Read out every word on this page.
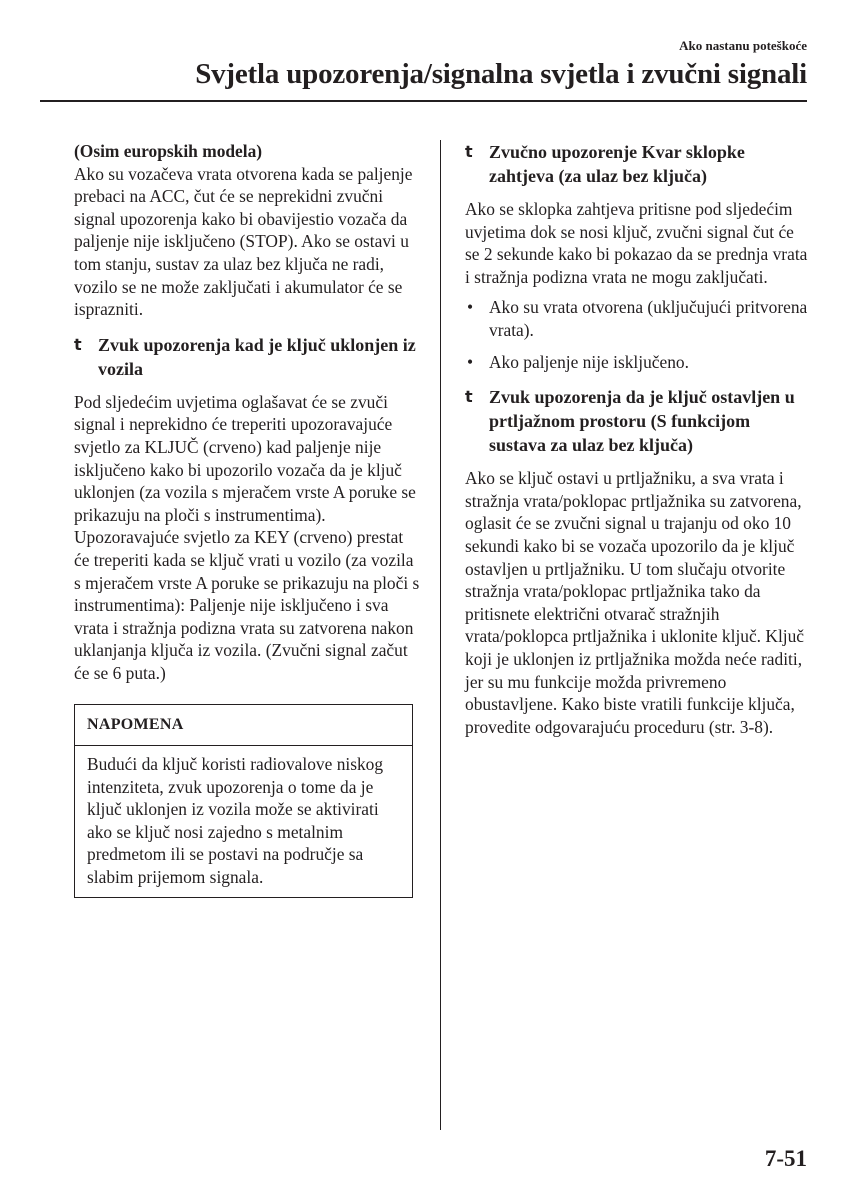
Ako nastanu poteškoće
Svjetla upozorenja/signalna svjetla i zvučni signali

(Osim europskih modela)

Ako su vozačeva vrata otvorena kada se paljenje prebaci na ACC, čut će se neprekidni zvučni signal upozorenja kako bi obavijestio vozača da paljenje nije isključeno (STOP). Ako se ostavi u tom stanju, sustav za ulaz bez ključa ne radi, vozilo se ne može zaključati i akumulator će se isprazniti.

t Zvuk upozorenja kad je ključ uklonjen iz vozila

Pod sljedećim uvjetima oglašavat će se zvuči signal i neprekidno će treperiti upozoravajuće svjetlo za KLJUČ (crveno) kad paljenje nije isključeno kako bi upozorilo vozača da je ključ uklonjen (za vozila s mjeračem vrste A poruke se prikazuju na ploči s instrumentima). Upozoravajuće svjetlo za KEY (crveno) prestat će treperiti kada se ključ vrati u vozilo (za vozila s mjeračem vrste A poruke se prikazuju na ploči s instrumentima): Paljenje nije isključeno i sva vrata i stražnja podizna vrata su zatvorena nakon uklanjanja ključa iz vozila. (Zvučni signal začut će se 6 puta.)

NAPOMENA
Budući da ključ koristi radiovalove niskog intenziteta, zvuk upozorenja o tome da je ključ uklonjen iz vozila može se aktivirati ako se ključ nosi zajedno s metalnim predmetom ili se postavi na područje sa slabim prijemom signala.
t Zvučno upozorenje Kvar sklopke zahtjeva (za ulaz bez ključa)

Ako se sklopka zahtjeva pritisne pod sljedećim uvjetima dok se nosi ključ, zvučni signal čut će se 2 sekunde kako bi pokazao da se prednja vrata i stražnja podizna vrata ne mogu zaključati.

• Ako su vrata otvorena (uključujući pritvorena vrata).
• Ako paljenje nije isključeno.
t Zvuk upozorenja da je ključ ostavljen u prtljažnom prostoru (S funkcijom sustava za ulaz bez ključa)

Ako se ključ ostavi u prtljažniku, a sva vrata i stražnja vrata/poklopac prtljažnika su zatvorena, oglasit će se zvučni signal u trajanju od oko 10 sekundi kako bi se vozača upozorilo da je ključ ostavljen u prtljažniku. U tom slučaju otvorite stražnja vrata/poklopac prtljažnika tako da pritisnete električni otvarač stražnjih vrata/poklopca prtljažnika i uklonite ključ. Ključ koji je uklonjen iz prtljažnika možda neće raditi, jer su mu funkcije možda privremeno obustavljene. Kako biste vratili funkcije ključa, provedite odgovarajuću proceduru (str. 3-8).

7-51
